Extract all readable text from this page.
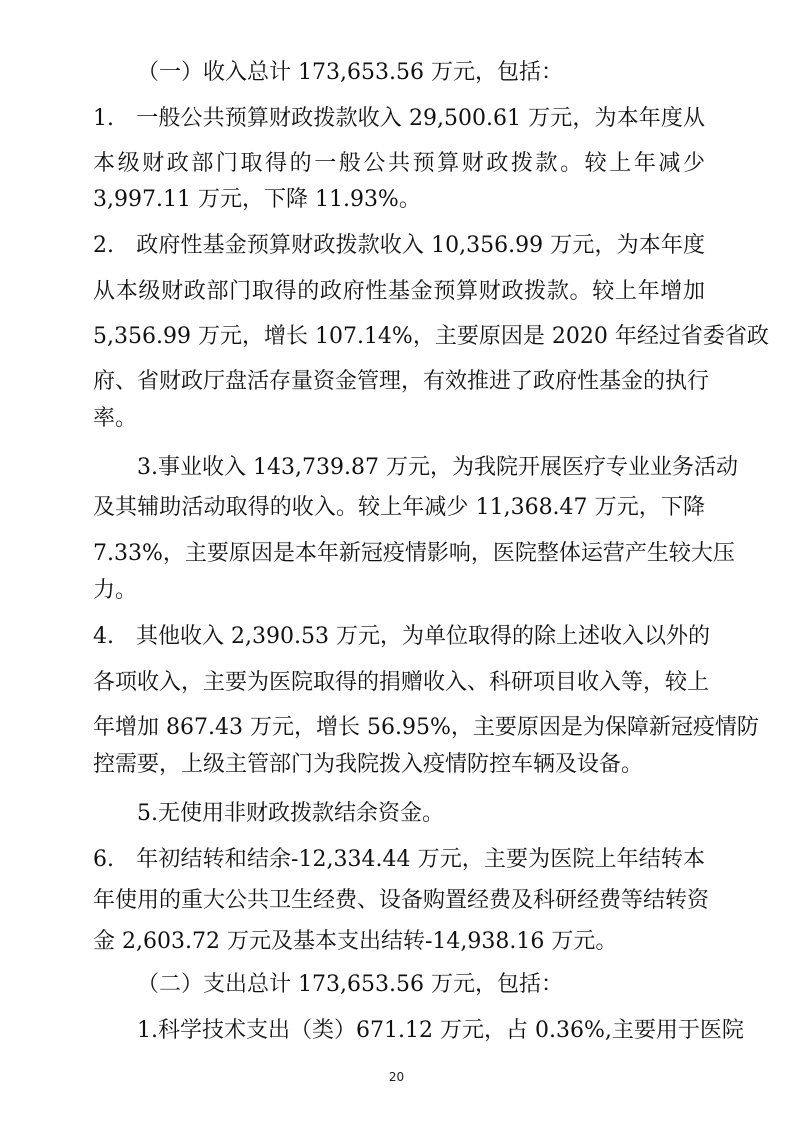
（一）收入总计 173,653.56 万元，包括：
1.　一般公共预算财政拨款收入 29,500.61 万元，为本年度从
本级财政部门取得的一般公共预算财政拨款。较上年减少
3,997.11 万元，下降 11.93%。
2.　政府性基金预算财政拨款收入 10,356.99 万元，为本年度
从本级财政部门取得的政府性基金预算财政拨款。较上年增加
5,356.99 万元，增长 107.14%，主要原因是 2020 年经过省委省政
府、省财政厅盘活存量资金管理，有效推进了政府性基金的执行
率。
3.事业收入 143,739.87 万元，为我院开展医疗专业业务活动
及其辅助活动取得的收入。较上年减少 11,368.47 万元，下降
7.33%，主要原因是本年新冠疫情影响，医院整体运营产生较大压
力。
4.　其他收入 2,390.53 万元，为单位取得的除上述收入以外的
各项收入，主要为医院取得的捐赠收入、科研项目收入等，较上
年增加 867.43 万元，增长 56.95%，主要原因是为保障新冠疫情防
控需要，上级主管部门为我院拨入疫情防控车辆及设备。
5.无使用非财政拨款结余资金。
6.　年初结转和结余-12,334.44 万元，主要为医院上年结转本
年使用的重大公共卫生经费、设备购置经费及科研经费等结转资
金 2,603.72 万元及基本支出结转-14,938.16 万元。
（二）支出总计 173,653.56 万元，包括：
1.科学技术支出（类）671.12 万元，占 0.36%,主要用于医院
20
